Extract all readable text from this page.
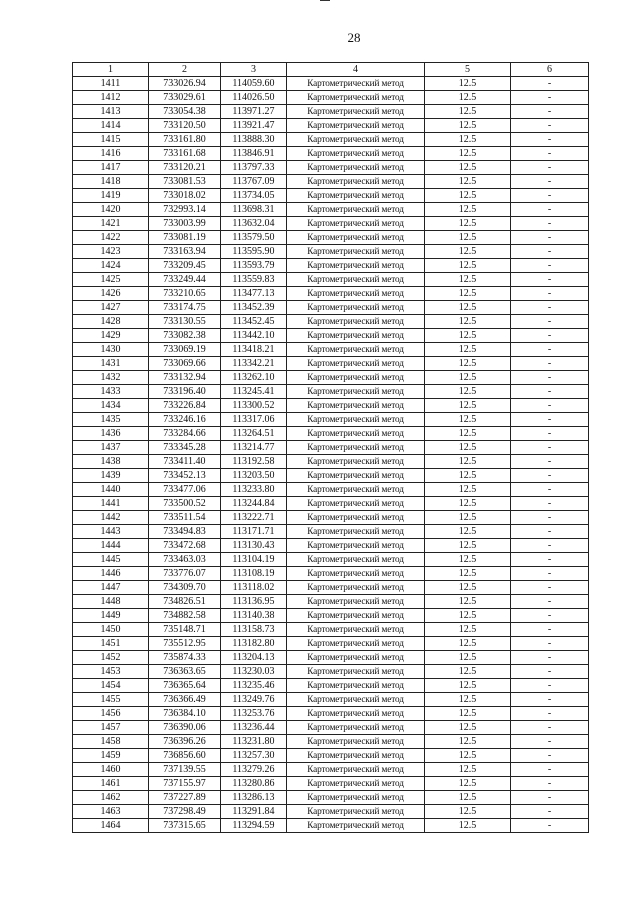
28
1	2	3	4	5	6
1411	733026.94	114059.60	Картометрический метод	12.5	-
1412	733029.61	114026.50	Картометрический метод	12.5	-
1413	733054.38	113971.27	Картометрический метод	12.5	-
1414	733120.50	113921.47	Картометрический метод	12.5	-
1415	733161.80	113888.30	Картометрический метод	12.5	-
1416	733161.68	113846.91	Картометрический метод	12.5	-
1417	733120.21	113797.33	Картометрический метод	12.5	-
1418	733081.53	113767.09	Картометрический метод	12.5	-
1419	733018.02	113734.05	Картометрический метод	12.5	-
1420	732993.14	113698.31	Картометрический метод	12.5	-
1421	733003.99	113632.04	Картометрический метод	12.5	-
1422	733081.19	113579.50	Картометрический метод	12.5	-
1423	733163.94	113595.90	Картометрический метод	12.5	-
1424	733209.45	113593.79	Картометрический метод	12.5	-
1425	733249.44	113559.83	Картометрический метод	12.5	-
1426	733210.65	113477.13	Картометрический метод	12.5	-
1427	733174.75	113452.39	Картометрический метод	12.5	-
1428	733130.55	113452.45	Картометрический метод	12.5	-
1429	733082.38	113442.10	Картометрический метод	12.5	-
1430	733069.19	113418.21	Картометрический метод	12.5	-
1431	733069.66	113342.21	Картометрический метод	12.5	-
1432	733132.94	113262.10	Картометрический метод	12.5	-
1433	733196.40	113245.41	Картометрический метод	12.5	-
1434	733226.84	113300.52	Картометрический метод	12.5	-
1435	733246.16	113317.06	Картометрический метод	12.5	-
1436	733284.66	113264.51	Картометрический метод	12.5	-
1437	733345.28	113214.77	Картометрический метод	12.5	-
1438	733411.40	113192.58	Картометрический метод	12.5	-
1439	733452.13	113203.50	Картометрический метод	12.5	-
1440	733477.06	113233.80	Картометрический метод	12.5	-
1441	733500.52	113244.84	Картометрический метод	12.5	-
1442	733511.54	113222.71	Картометрический метод	12.5	-
1443	733494.83	113171.71	Картометрический метод	12.5	-
1444	733472.68	113130.43	Картометрический метод	12.5	-
1445	733463.03	113104.19	Картометрический метод	12.5	-
1446	733776.07	113108.19	Картометрический метод	12.5	-
1447	734309.70	113118.02	Картометрический метод	12.5	-
1448	734826.51	113136.95	Картометрический метод	12.5	-
1449	734882.58	113140.38	Картометрический метод	12.5	-
1450	735148.71	113158.73	Картометрический метод	12.5	-
1451	735512.95	113182.80	Картометрический метод	12.5	-
1452	735874.33	113204.13	Картометрический метод	12.5	-
1453	736363.65	113230.03	Картометрический метод	12.5	-
1454	736365.64	113235.46	Картометрический метод	12.5	-
1455	736366.49	113249.76	Картометрический метод	12.5	-
1456	736384.10	113253.76	Картометрический метод	12.5	-
1457	736390.06	113236.44	Картометрический метод	12.5	-
1458	736396.26	113231.80	Картометрический метод	12.5	-
1459	736856.60	113257.30	Картометрический метод	12.5	-
1460	737139.55	113279.26	Картометрический метод	12.5	-
1461	737155.97	113280.86	Картометрический метод	12.5	-
1462	737227.89	113286.13	Картометрический метод	12.5	-
1463	737298.49	113291.84	Картометрический метод	12.5	-
1464	737315.65	113294.59	Картометрический метод	12.5	-
